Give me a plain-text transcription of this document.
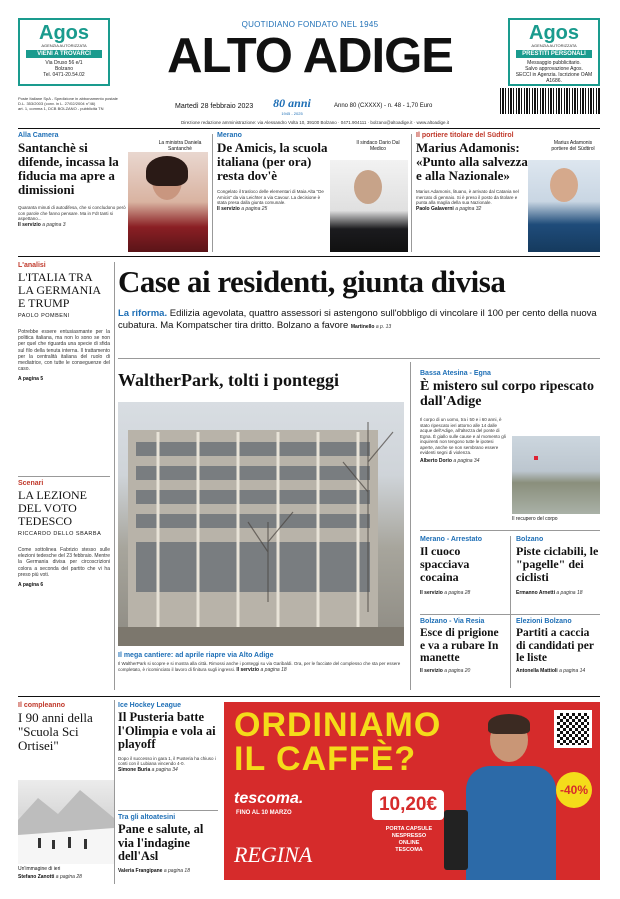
Agos
AGENZIA AUTORIZZATA
VIENI A TROVARCI
Via Druso 56 e/1
Bolzano
Tel. 0471-20.54.02
QUOTIDIANO FONDATO NEL 1945
ALTO ADIGE	Agos
AGENZIA AUTORIZZATA
PRESTITI PERSONALI
Messaggio pubblicitario.
Salvo approvazione Agos.
SECCI in Agenzia. Iscrizione OAM A1686.
Poste Italiane SpA - Spedizione in abbonamento postale
D.L. 353/2003 (conv. in L. 27/02/2004 n°46)
art. 1, comma 1, DCB BOLZANO - pubblicità TN	Martedì 28 febbraio 2023	80 anni
1945 - 2025
Anno 80 (CXXXX) - n. 48 - 1,70 Euro
Direzione redazione amministrazione: via Alessandro Volta 10, 39100 Bolzano · 0471.904111 · bolzano@altoadige.it · www.altoadige.it
Alla Camera
Santanchè si difende, incassa la fiducia ma apre a dimissioni
Quaranta minuti di autodifesa, che si concludono però con parole che fanno pensare. Ma in FdI tanti si aspettano...
Il servizio a pagina 3
La ministra Daniela Santanchè
Merano
De Amicis, la scuola italiana (per ora) resta dov'è
Congelato il trasloco delle elementari di Maia Alta "De Amicis" da via Leichter a via Cavour. La decisione è stata presa dalla giunta comunale.
Il servizio a pagina 25
Il sindaco Dario Dal Medico
Il portiere titolare del Südtirol
Marius Adamonis: «Punto alla salvezza e alla Nazionale»
Marius Adamonis, lituano, è arrivato dal Catania nel mercato di gennaio. Si è preso il posto da titolare e punta alla maglia della sua Nazionale.
Paolo Galaverni a pagina 32
Marius Adamonis portiere del Südtirol
L'analisi
L'ITALIA TRA LA GERMANIA E TRUMP
PAOLO POMBENI
Potrebbe essere entusiasmante per la politica italiana, ma non lo sono se non per quel che riguarda una specie di sfida sul filo della tenuta interna. Il trattamento per la centralità italiana del ruolo di mediatrice, con tutte le conseguenze del caso.
A pagina 5
Scenari
LA LEZIONE DEL VOTO TEDESCO
RICCARDO DELLO SBARBA
Come sottolinea Fabrizio stesso sulle elezioni tedesche del 23 febbraio. Mentre la Germania divisa per circoscrizioni colora a seconda del partito che vi ha preso più voti.
A pagina 6
Case ai residenti, giunta divisa
La riforma. Edilizia agevolata, quattro assessori si astengono sull'obbligo di vincolare il 100 per cento della nuova cubatura. Ma Kompatscher tira dritto. Bolzano a favore Martinello a p. 13
WaltherPark, tolti i ponteggi
Il mega cantiere: ad aprile riapre via Alto Adige
Il WaltherPark si scopre e si mostra alla città. Rimossi anche i ponteggi su via Garibaldi. Ora, per le facciate del complesso che sta per essere completato, è ricominciato il lavoro di finitura sugli ingressi. Il servizio a pagina 18
Bassa Atesina - Egna
È mistero sul corpo ripescato dall'Adige
Il corpo di un uomo, tra i 50 e i 60 anni, è stato ripescato ieri attorno alle 14 dalle acque dell'Adige, all'altezza del ponte di Egna. È giallo sulle cause e al momento gli inquirenti non tengono tutte le ipotesi aperte, anche se non sembrano essere evidenti segni di violenza.
Alberto Dorio a pagina 34
Il recupero del corpo
Merano - Arrestato
Il cuoco spacciava cocaina
Il servizio a pagina 28
Bolzano
Piste ciclabili, le "pagelle" dei ciclisti
Ermanno Arnetti a pagina 18
Bolzano - Via Resia
Esce di prigione e va a rubare In manette
Il servizio a pagina 20
Elezioni Bolzano
Partiti a caccia di candidati per le liste
Antonella Mattioli a pagina 14
Il compleanno
I 90 anni della "Scuola Sci Ortisei"
Un'immagine di ieri
Stefano Zanotti a pagina 28
Ice Hockey League
Il Pusteria batte l'Olimpia e vola ai playoff
Dopo il successo in gara 1, il Pusteria ha chiuso i conti con il Lubiana vincendo 4-0.
Simone Buria a pagina 34
Tra gli altoatesini
Pane e salute, al via l'indagine dell'Asl
Valeria Frangipane a pagina 18
ORDINIAMO
IL CAFFÈ?
tescoma.
FINO AL 10 MARZO
REGINA
10,20€
PORTA CAPSULE
NESPRESSO
ONLINE
TESCOMA
-40%
